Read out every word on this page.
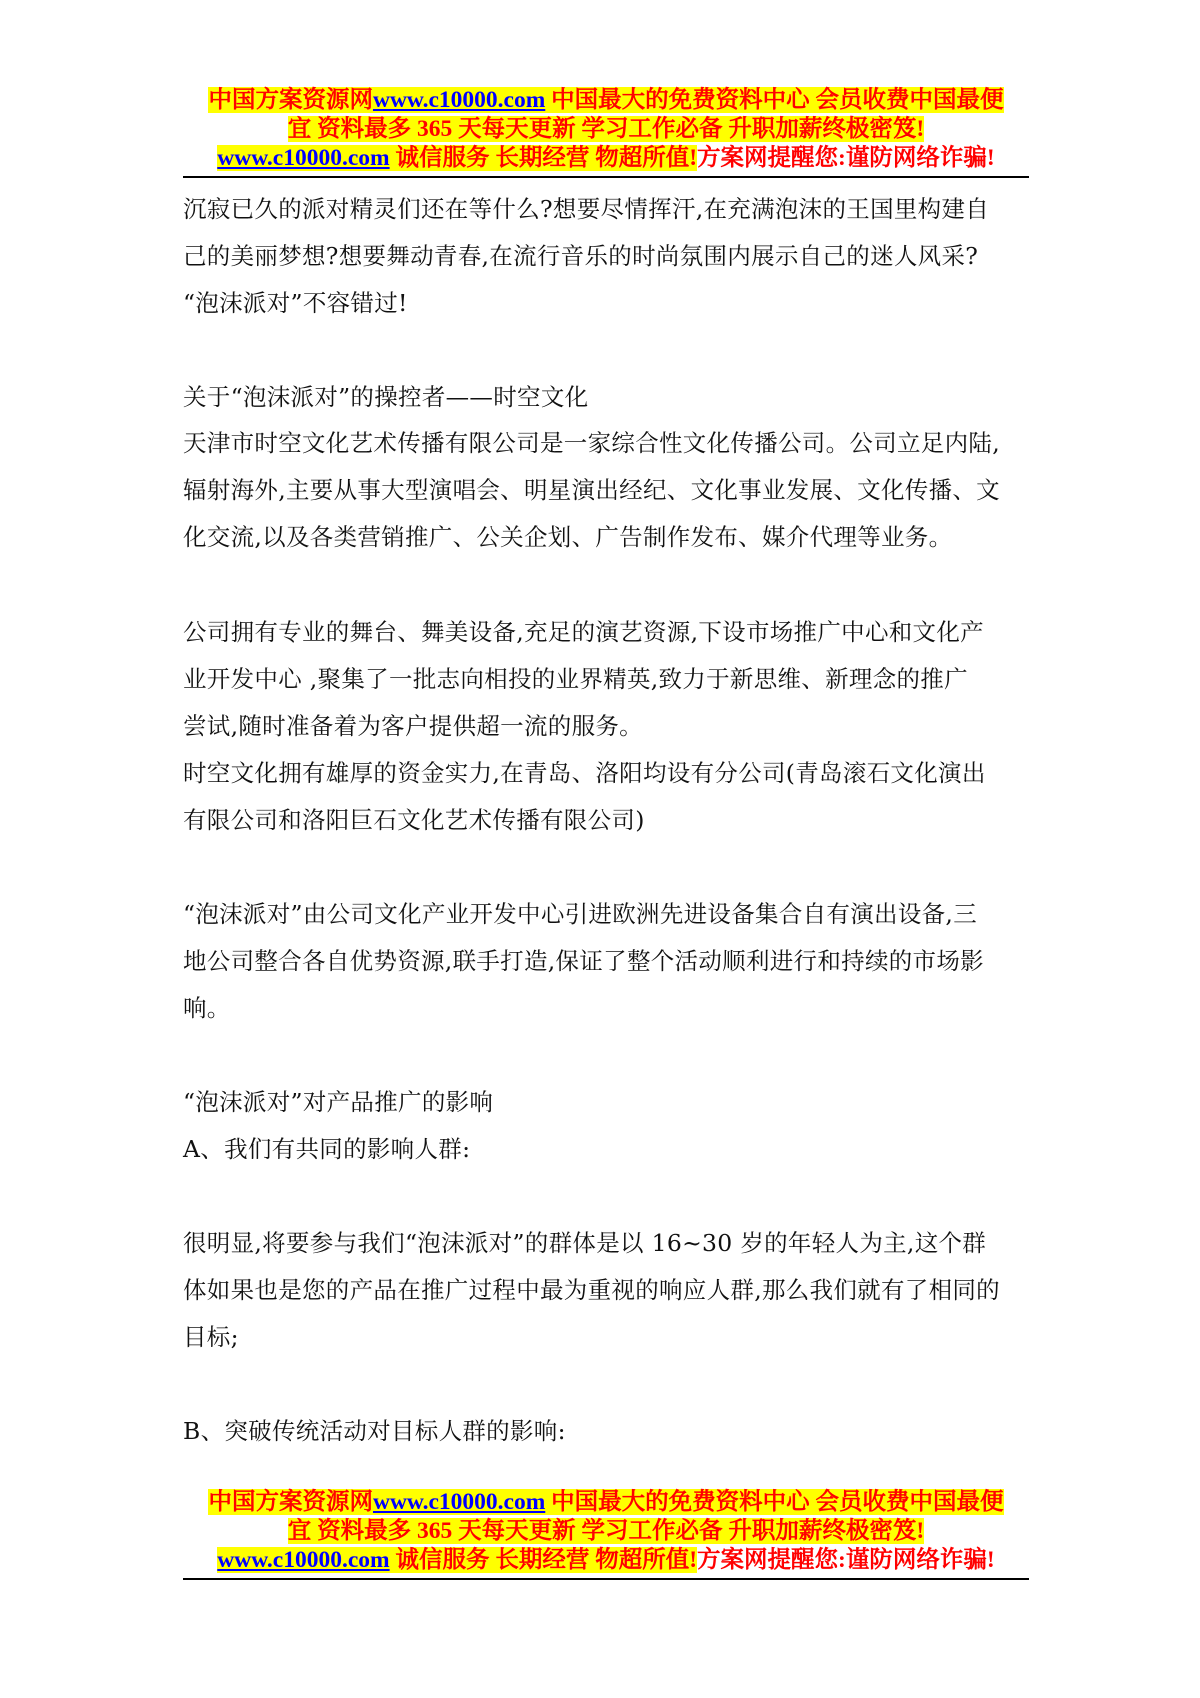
中国方案资源网www.c10000.com 中国最大的免费资料中心 会员收费中国最便
宜 资料最多 365 天每天更新 学习工作必备 升职加薪终极密笈!
www.c10000.com 诚信服务 长期经营 物超所值!方案网提醒您:谨防网络诈骗!

沉寂已久的派对精灵们还在等什么?想要尽情挥汗,在充满泡沫的王国里构建自

己的美丽梦想?想要舞动青春,在流行音乐的时尚氛围内展示自己的迷人风采?

“泡沫派对”不容错过!

关于“泡沫派对”的操控者——时空文化

天津市时空文化艺术传播有限公司是一家综合性文化传播公司。公司立足内陆,

辐射海外,主要从事大型演唱会、明星演出经纪、文化事业发展、文化传播、文

化交流,以及各类营销推广、公关企划、广告制作发布、媒介代理等业务。

公司拥有专业的舞台、舞美设备,充足的演艺资源,下设市场推广中心和文化产

业开发中心 ,聚集了一批志向相投的业界精英,致力于新思维、新理念的推广

尝试,随时准备着为客户提供超一流的服务。

时空文化拥有雄厚的资金实力,在青岛、洛阳均设有分公司(青岛滚石文化演出

有限公司和洛阳巨石文化艺术传播有限公司)

“泡沫派对”由公司文化产业开发中心引进欧洲先进设备集合自有演出设备,三

地公司整合各自优势资源,联手打造,保证了整个活动顺利进行和持续的市场影

响。

“泡沫派对”对产品推广的影响

A、我们有共同的影响人群:

很明显,将要参与我们“泡沫派对”的群体是以 16~30 岁的年轻人为主,这个群

体如果也是您的产品在推广过程中最为重视的响应人群,那么我们就有了相同的

目标;

B、突破传统活动对目标人群的影响:

中国方案资源网www.c10000.com 中国最大的免费资料中心 会员收费中国最便
宜 资料最多 365 天每天更新 学习工作必备 升职加薪终极密笈!
www.c10000.com 诚信服务 长期经营 物超所值!方案网提醒您:谨防网络诈骗!
